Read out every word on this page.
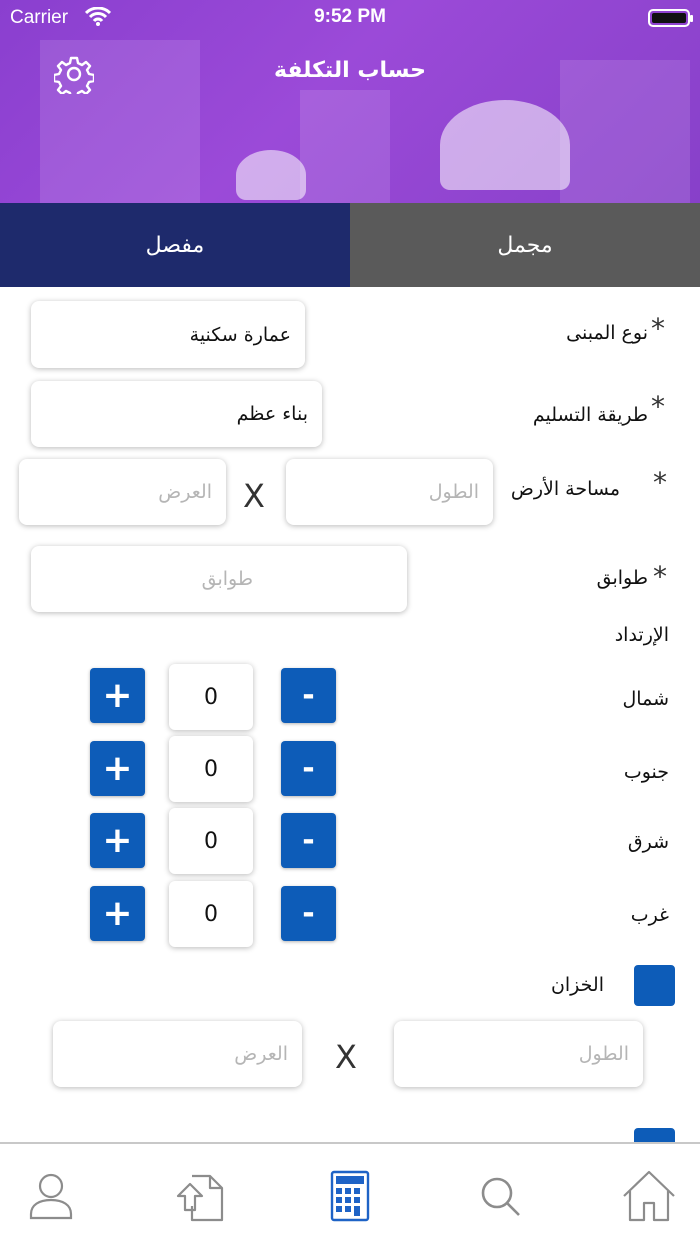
Carrier	9:52 PM
حساب التكلفة
مفصل	مجمل
*
نوع المبنى
عمارة سكنية
*
طريقة التسليم
بناء عظم
*
مساحة الأرض
الطول
X
العرض
*
طوابق
طوابق
الإرتداد
شمال
-
0
+
جنوب
-
0
+
شرق
-
0
+
غرب
-
0
+
الخزان
الطول
X
العرض
